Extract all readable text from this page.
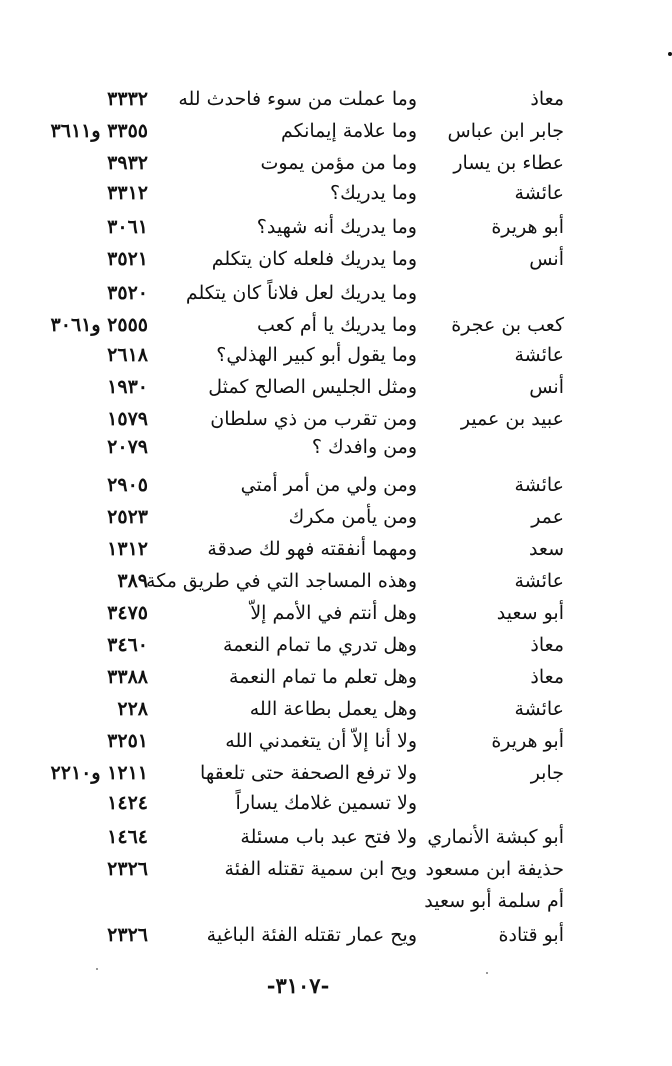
معاذ
وما عملت من سوء فاحدث لله
٣٣٣٢
جابر ابن عباس
وما علامة إيمانكم
٣٣٥٥ و٣٦١١
عطاء بن يسار
وما من مؤمن يموت
٣٩٣٢
عائشة
وما يدريك؟
٣٣١٢
أبو هريرة
وما يدريك أنه شهيد؟
٣٠٦١
أنس
وما يدريك فلعله كان يتكلم
٣٥٢١
وما يدريك لعل فلاناً كان يتكلم
٣٥٢٠
كعب بن عجرة
وما يدريك يا أم كعب
٢٥٥٥ و٣٠٦١
عائشة
وما يقول أبو كبير الهذلي؟
٢٦١٨
أنس
ومثل الجليس الصالح كمثل
١٩٣٠
عبيد بن عمير
ومن تقرب من ذي سلطان
١٥٧٩
ومن وافدك ؟
٢٠٧٩
عائشة
ومن ولي من أمر أمتي
٢٩٠٥
عمر
ومن يأمن مكرك
٢٥٢٣
سعد
ومهما أنفقته فهو لك صدقة
١٣١٢
عائشة
وهذه المساجد التي في طريق مكة
٣٨٩
أبو سعيد
وهل أنتم في الأمم إلاّ
٣٤٧٥
معاذ
وهل تدري ما تمام النعمة
٣٤٦٠
معاذ
وهل تعلم ما تمام النعمة
٣٣٨٨
عائشة
وهل يعمل بطاعة الله
٢٢٨
أبو هريرة
ولا أنا إلاّ أن يتغمدني الله
٣٢٥١
جابر
ولا ترفع الصحفة حتى تلعقها
١٢١١ و٢٢١٠
ولا تسمين غلامك يساراً
١٤٢٤
أبو كبشة الأنماري
ولا فتح عبد باب مسئلة
١٤٦٤
حذيفة ابن مسعود
ويح ابن سمية تقتله الفئة
٢٣٢٦
أم سلمة أبو سعيد
أبو قتادة
ويح عمار تقتله الفئة الباغية
٢٣٢٦
-٣١٠٧-
